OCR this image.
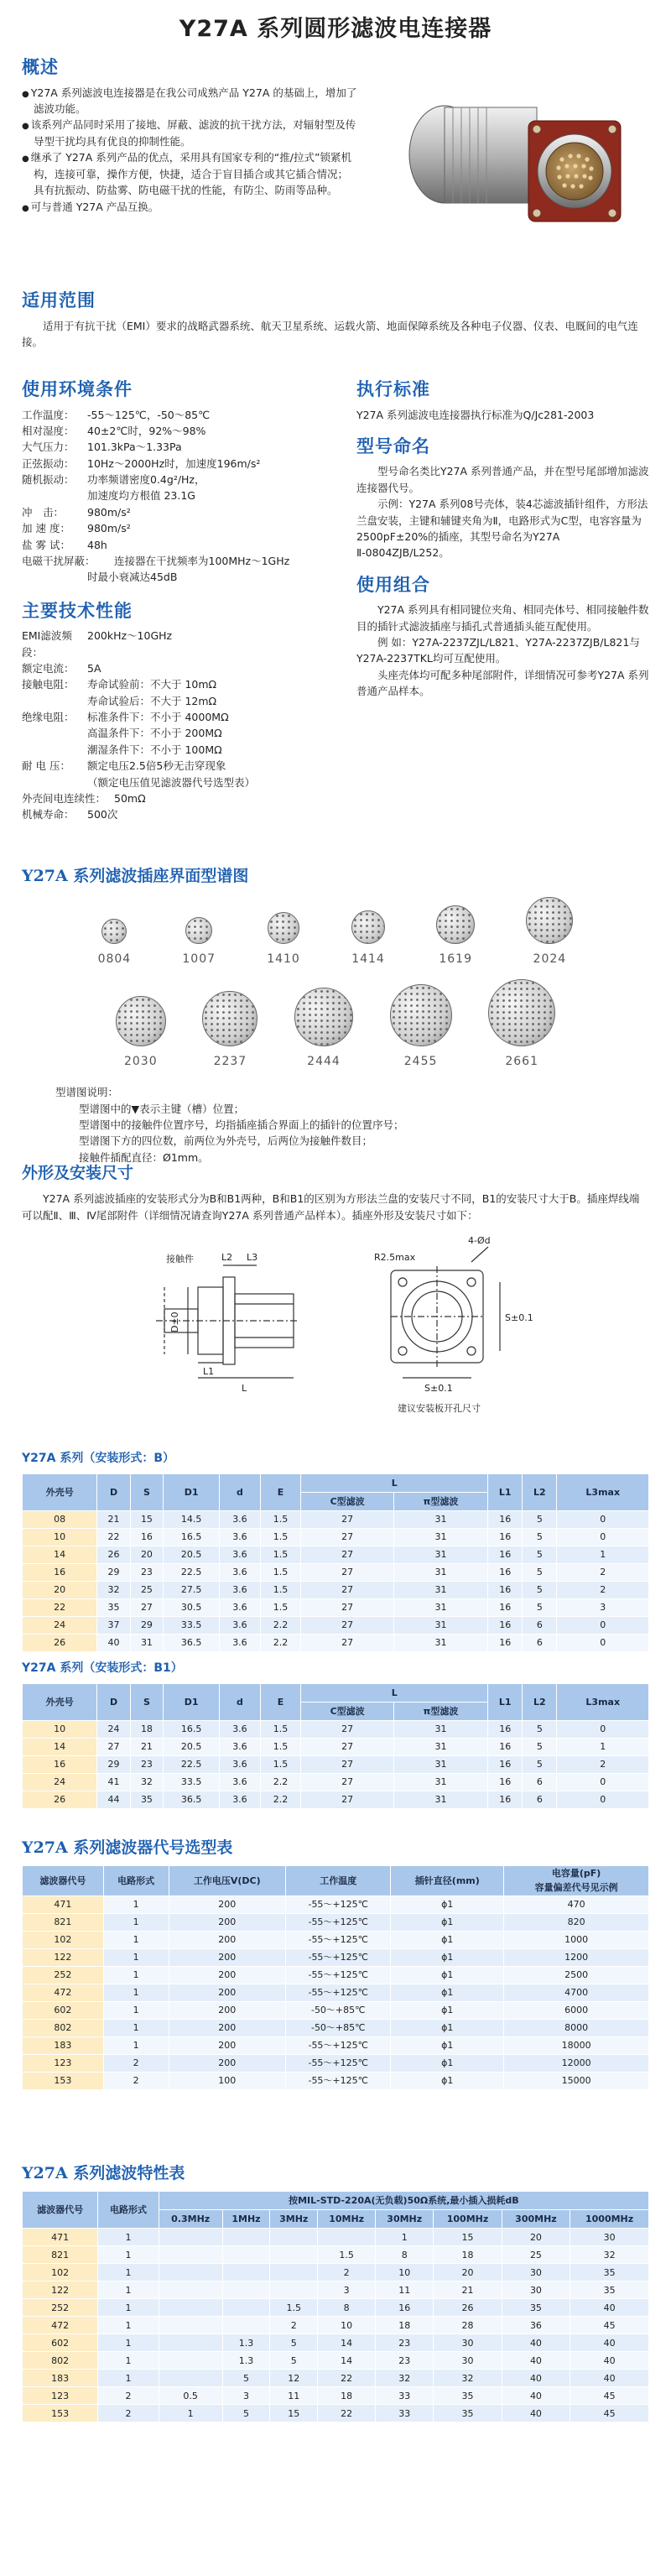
Y27A 系列圆形滤波电连接器
概述
● Y27A 系列滤波电连接器是在我公司成熟产品 Y27A 的基础上，增加了滤波功能。
● 该系列产品同时采用了接地、屏蔽、滤波的抗干扰方法，对辐射型及传导型干扰均具有优良的抑制性能。
● 继承了 Y27A 系列产品的优点，采用具有国家专利的“推/拉式”锁紧机构，连接可靠，操作方便，快捷，适合于盲目插合或其它插合情况；具有抗振动、防盐雾、防电磁干扰的性能，有防尘、防雨等品种。
● 可与普通 Y27A 产品互换。
适用范围
适用于有抗干扰（EMI）要求的战略武器系统、航天卫星系统、运载火箭、地面保障系统及各种电子仪器、仪表、电厩间的电气连接。
使用环境条件
工作温度：	-55～125℃，-50～85℃
相对湿度：	40±2℃时，92%～98%
大气压力：	101.3kPa～1.33Pa
正弦振动：	10Hz～2000Hz时，加速度196m/s²
随机振动：	功率频谱密度0.4g²/Hz，
加速度均方根值 23.1G
冲　击：	980m/s²
加 速 度：	980m/s²
盐 雾 试：	48h
电磁干扰屏蔽：	连接器在干扰频率为100MHz～1GHz
时最小衰减达45dB
主要技术性能
EMI滤波频段：
200kHz～10GHz
额定电流：	5A
接触电阻：	寿命试验前：不大于 10mΩ
寿命试验后：不大于 12mΩ
绝缘电阻：	标准条件下：不小于 4000MΩ
高温条件下：不小于 200MΩ
潮湿条件下：不小于 100MΩ
耐 电 压：	额定电压2.5倍5秒无击穿现象
（额定电压值见滤波器代号选型表）
外壳间电连续性： 50mΩ
机械寿命：	500次
执行标准
Y27A 系列滤波电连接器执行标准为Q/Jc281-2003
型号命名
型号命名类比Y27A 系列普通产品，并在型号尾部增加滤波连接器代号。
示例：Y27A 系列08号壳体，装4芯滤波插针组件，方形法兰盘安装，主键和辅键夹角为Ⅱ，电路形式为C型，电容容量为2500pF±20%的插座，其型号命名为Y27A Ⅱ-0804ZJB/L252。
使用组合
Y27A 系列具有相同键位夹角、相同壳体号、相同接触件数目的插针式滤波插座与插孔式普通插头能互配使用。
例 如：Y27A-2237ZJL/L821、Y27A-2237ZJB/L821与Y27A-2237TKL均可互配使用。
头座壳体均可配多种尾部附件，详细情况可参考Y27A 系列普通产品样本。
Y27A 系列滤波插座界面型谱图
0804	1007	1410	1414	1619	2024
2030	2237	2444	2455	2661
型谱图说明：
型谱图中的▼表示主键（槽）位置；
型谱图中的接触件位置序号，均指插座插合界面上的插针的位置序号；
型谱图下方的四位数，前两位为外壳号，后两位为接触件数目；
接触件插配直径：Ø1mm。
外形及安装尺寸
Y27A 系列滤波插座的安装形式分为B和B1两种，B和B1的区别为方形法兰盘的安装尺寸不同，B1的安装尺寸大于B。插座焊线端可以配Ⅱ、Ⅲ、Ⅳ尾部附件（详细情况请查询Y27A 系列普通产品样本）。插座外形及安装尺寸如下：
接触件	L2 L3	R2.5max
4-Ød
D±0
L1
L	S±0.1
S±0.1
建议安装板开孔尺寸
Y27A 系列（安装形式：B）
外壳号	D	S	D1	d	E	L		L1	L2	L3max
						C型滤波	π型滤波			
08	21	15	14.5	3.6	1.5	27	31	16	5	0
10	22	16	16.5	3.6	1.5	27	31	16	5	0
14	26	20	20.5	3.6	1.5	27	31	16	5	1
16	29	23	22.5	3.6	1.5	27	31	16	5	2
20	32	25	27.5	3.6	1.5	27	31	16	5	2
22	35	27	30.5	3.6	1.5	27	31	16	5	3
24	37	29	33.5	3.6	2.2	27	31	16	6	0
26	40	31	36.5	3.6	2.2	27	31	16	6	0
Y27A 系列（安装形式：B1）
外壳号	D	S	D1	d	E	L		L1	L2	L3max
						C型滤波	π型滤波			
10	24	18	16.5	3.6	1.5	27	31	16	5	0
14	27	21	20.5	3.6	1.5	27	31	16	5	1
16	29	23	22.5	3.6	1.5	27	31	16	5	2
24	41	32	33.5	3.6	2.2	27	31	16	6	0
26	44	35	36.5	3.6	2.2	27	31	16	6	0
Y27A 系列滤波器代号选型表
滤波器代号	电路形式	工作电压V(DC)	工作温度	插针直径(mm)	电容量(pF)
容量偏差代号见示例

471	1	200	-55～+125℃	ϕ1	470
821	1	200	-55～+125℃	ϕ1	820
102	1	200	-55～+125℃	ϕ1	1000
122	1	200	-55～+125℃	ϕ1	1200
252	1	200	-55～+125℃	ϕ1	2500
472	1	200	-55～+125℃	ϕ1	4700
602	1	200	-50～+85℃	ϕ1	6000
802	1	200	-50～+85℃	ϕ1	8000
183	1	200	-55～+125℃	ϕ1	18000
123	2	200	-55～+125℃	ϕ1	12000
153	2	100	-55～+125℃	ϕ1	15000
Y27A 系列滤波特性表
滤波器代号	电路形式	按MIL-STD-220A(无负载)50Ω系统,最小插入损耗dB							
		0.3MHz	1MHz	3MHz	10MHz	30MHz	100MHz	300MHz	1000MHz
471	1					1	15	20	30
821	1				1.5	8	18	25	32
102	1				2	10	20	30	35
122	1				3	11	21	30	35
252	1			1.5	8	16	26	35	40
472	1			2	10	18	28	36	45
602	1		1.3	5	14	23	30	40	40
802	1		1.3	5	14	23	30	40	40
183	1		5	12	22	32	32	40	40
123	2	0.5	3	11	18	33	35	40	45
153	2	1	5	15	22	33	35	40	45
